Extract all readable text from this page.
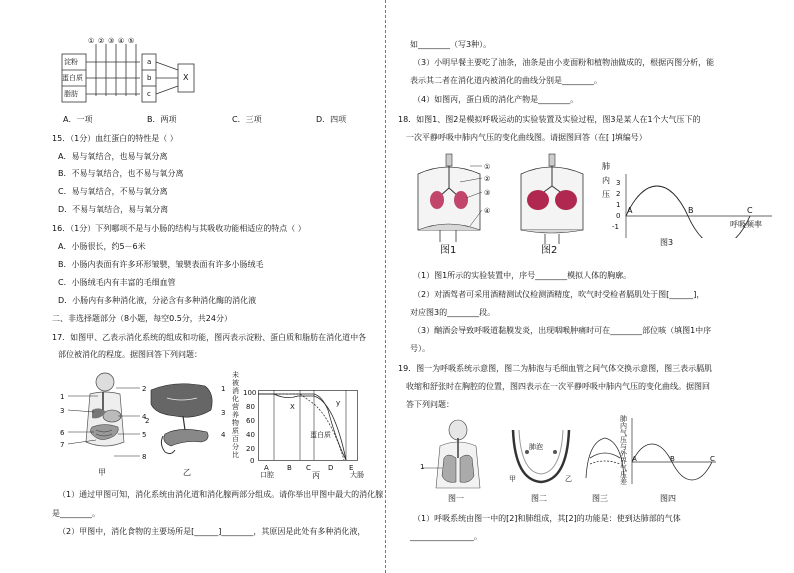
① ② ③ ④ ⑤
淀粉
蛋白质
脂肪
a
b
c
X
A．一项	B．两项	C．三项	D．四项
15．（1分）血红蛋白的特性是（ ）
A．易与氧结合，也易与氧分离
B．不易与氧结合，也不易与氧分离
C．易与氧结合，不易与氧分离
D．不易与氧结合，易与氧分离
16．（1分）下列哪项不是与小肠的结构与其吸收功能相适应的特点（ ）
A．小肠很长，约5－6米
B．小肠内表面有许多环形皱襞，皱襞表面有许多小肠绒毛
C．小肠绒毛内有丰富的毛细血管
D．小肠内有多种消化液，分泌含有多种消化酶的消化液
二、非选择题部分（8小题，每空0.5分，共24分）
17．如图甲、乙表示消化系统的组成和功能，图丙表示淀粉、蛋白质和脂肪在消化道中各
部位被消化的程度。据图回答下列问题：
1
2
3
4
5
6
7
8
甲
1
2
3
4
乙
未
被
消
化
营
养
物
质
百
分
比
100
80
60
40
20
0
X	y
蛋白质
A	B C D E
口腔	大肠
丙
（1）通过甲图可知，消化系统由消化道和消化腺两部分组成。请你举出甲图中最大的消化腺
是________。
（2）甲图中，消化食物的主要场所是[______]________，其原因是此处有多种消化液，
如________（写3种）。
（3）小明早餐主要吃了油条，油条是由小麦面粉和植物油做成的，根据丙图分析，能
表示其二者在消化道内被消化的曲线分别是________。
（4）如图丙，蛋白质的消化产物是________。
18．如图1、图2是模拟呼吸运动的实验装置及实验过程，图3是某人在1个大气压下的
一次平静呼吸中肺内气压的变化曲线图。请据图回答（在[ ]填编号）
①
②
③
④
图1	图2
肺
内
压
3
2
1
0
-1
A	B	C
呼吸频率
图3
（1）图1所示的实验装置中，序号________模拟人体的胸廓。
（2）对酒驾者可采用酒精测试仪检测酒精度，吹气时受检者膈肌处于图[______]，
对应图3的________段。
（3）酗酒会导致呼吸道黏膜发炎，出现咽喉肿痛时可在________部位咳（填图1中序
号）。
19．图一为呼吸系统示意图，图二为肺泡与毛细血管之间气体交换示意图，图三表示膈肌
收缩和舒张时在胸腔的位置，图四表示在一次平静呼吸中肺内气压的变化曲线。据图回
答下列问题：
1
图一
肺泡
甲	乙
图二	图三
肺
内
气
压
与
外
界
气
压
差
A	B	C
图四
（1）呼吸系统由图一中的[2]和肺组成，其[2]的功能是：使到达肺部的气体
________________。
